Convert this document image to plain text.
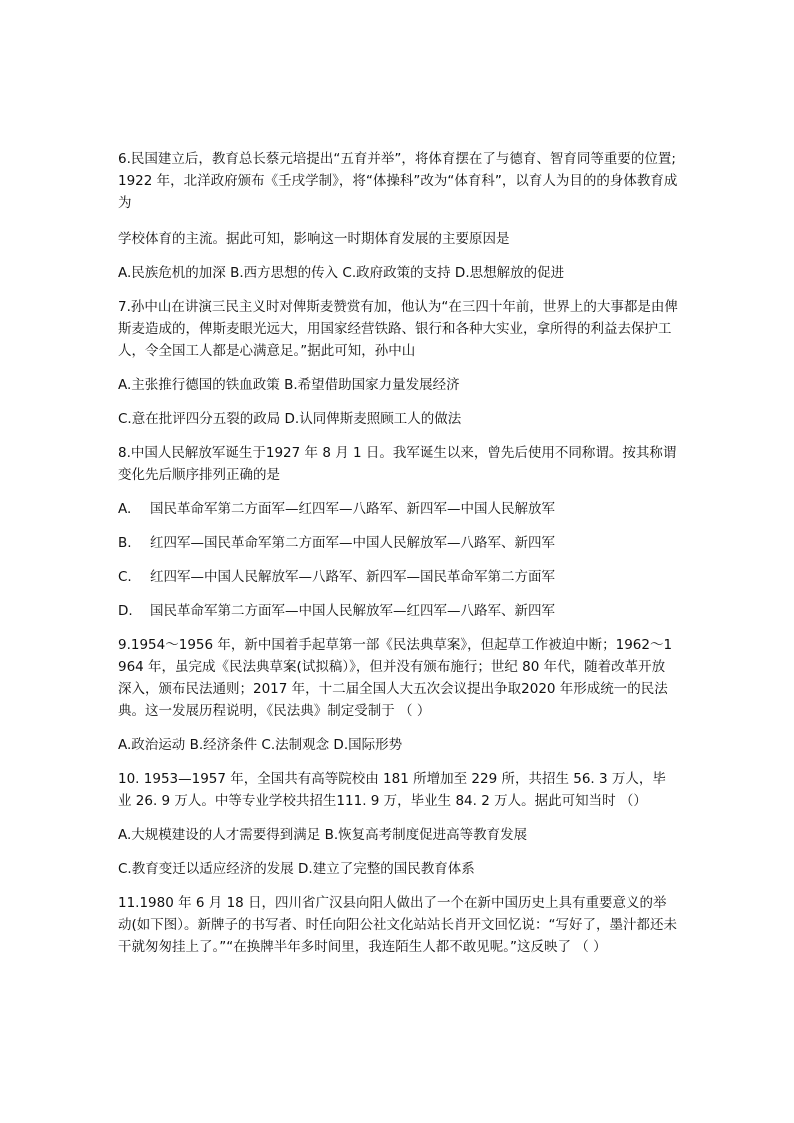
6.民国建立后，教育总长蔡元培提出“五育并举”，将体育摆在了与德育、智育同等重要的位置;1922 年，北洋政府颁布《壬戌学制》，将“体操科”改为“体育科”，以育人为目的的身体教育成为

学校体育的主流。据此可知，影响这一时期体育发展的主要原因是

A.民族危机的加深 B.西方思想的传入 C.政府政策的支持 D.思想解放的促进

7.孙中山在讲演三民主义时对俾斯麦赞赏有加，他认为“在三四十年前，世界上的大事都是由俾斯麦造成的，俾斯麦眼光远大，用国家经营铁路、银行和各种大实业，拿所得的利益去保护工人，令全国工人都是心满意足。”据此可知，孙中山

A.主张推行德国的铁血政策 B.希望借助国家力量发展经济

C.意在批评四分五裂的政局 D.认同俾斯麦照顾工人的做法

8.中国人民解放军诞生于1927 年 8 月 1 日。我军诞生以来，曾先后使用不同称谓。按其称谓变化先后顺序排列正确的是

A.	国民革命军第二方面军—红四军—八路军、新四军—中国人民解放军
B.	红四军—国民革命军第二方面军—中国人民解放军—八路军、新四军
C.	红四军—中国人民解放军—八路军、新四军—国民革命军第二方面军
D.	国民革命军第二方面军—中国人民解放军—红四军—八路军、新四军

9.1954～1956 年，新中国着手起草第一部《民法典草案》，但起草工作被迫中断；1962～1964 年，虽完成《民法典草案(试拟稿）》，但并没有颁布施行；世纪 80 年代，随着改革开放深入，颁布民法通则；2017 年，十二届全国人大五次会议提出争取2020 年形成统一的民法典。这一发展历程说明，《民法典》制定受制于 （ ）

A.政治运动 B.经济条件 C.法制观念 D.国际形势

10. 1953—1957 年，全国共有高等院校由 181 所增加至 229 所，共招生 56. 3 万人，毕业 26. 9 万人。中等专业学校共招生111. 9 万，毕业生 84. 2 万人。据此可知当时 （）

A.大规模建设的人才需要得到满足 B.恢复高考制度促进高等教育发展

C.教育变迁以适应经济的发展 D.建立了完整的国民教育体系

11.1980 年 6 月 18 日，四川省广汉县向阳人做出了一个在新中国历史上具有重要意义的举动(如下图）。新牌子的书写者、时任向阳公社文化站站长肖开文回忆说：“写好了，墨汁都还未干就匆匆挂上了。”“在换牌半年多时间里，我连陌生人都不敢见呢。”这反映了 （ ）
